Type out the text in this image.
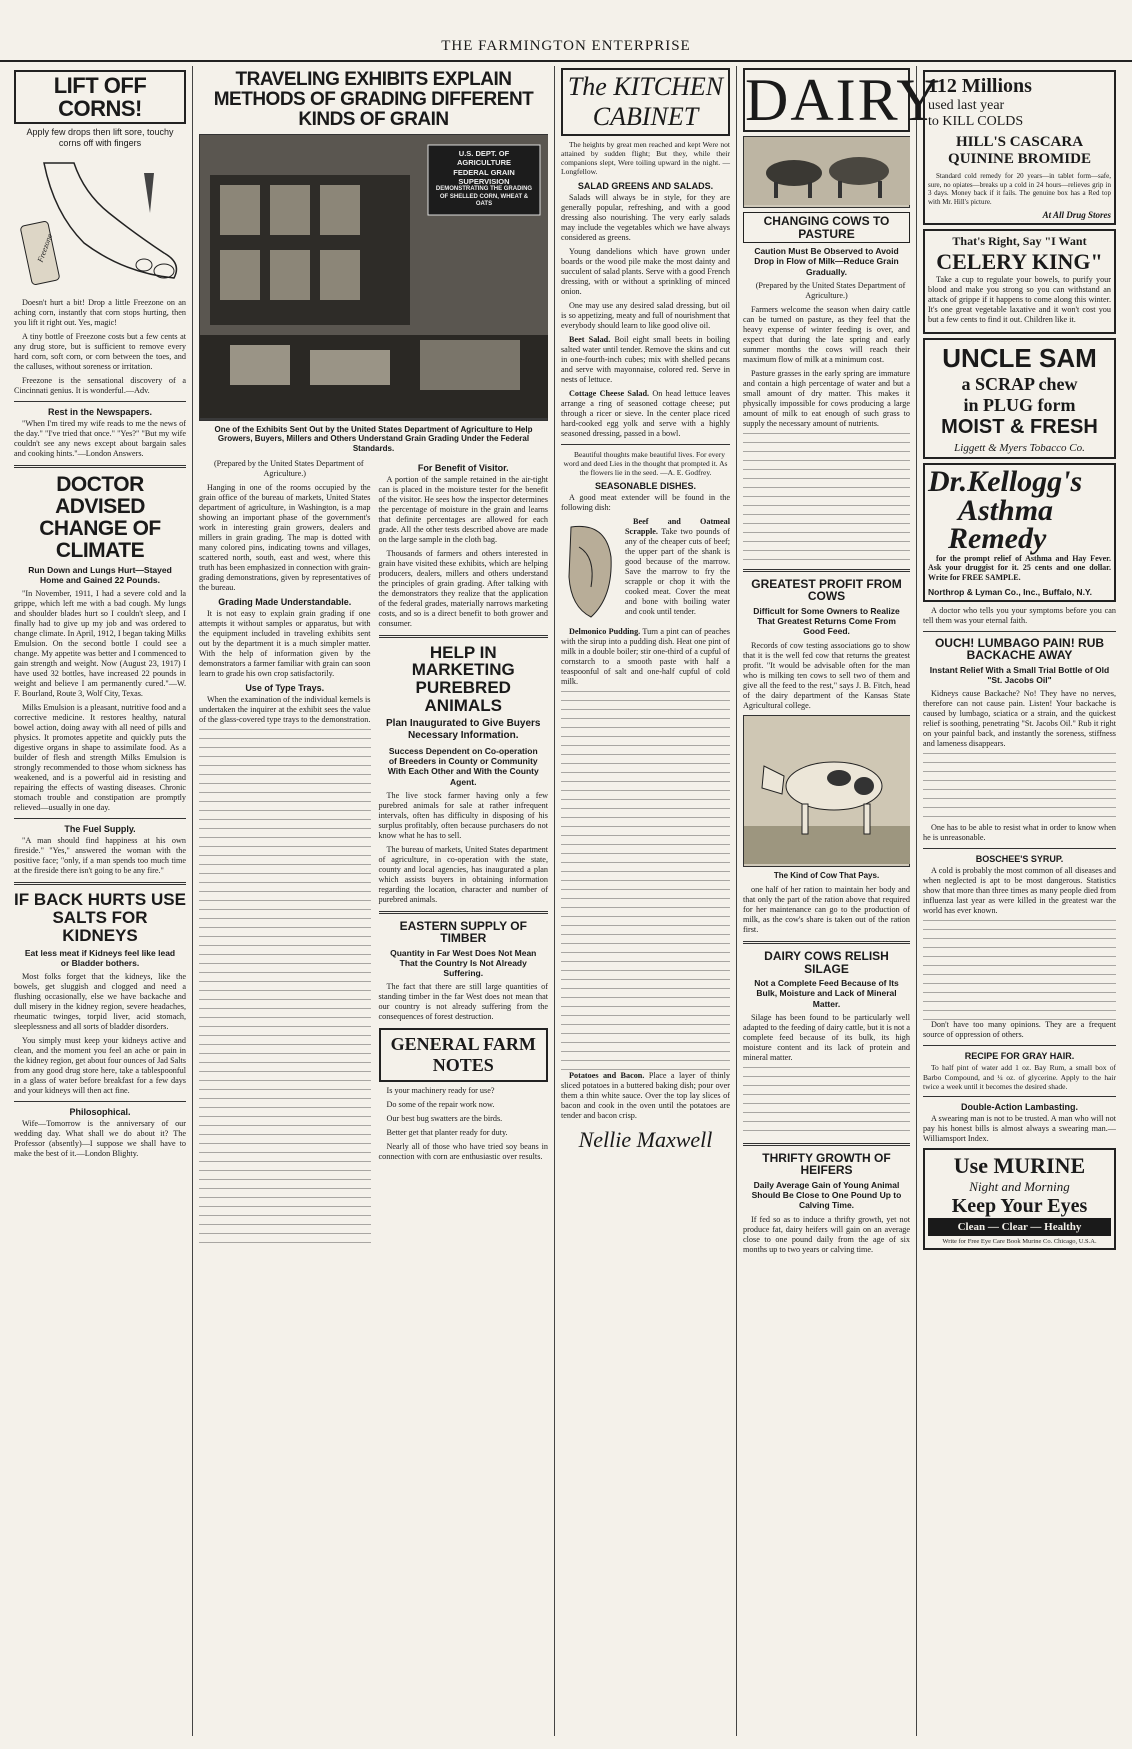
THE FARMINGTON ENTERPRISE
LIFT OFF CORNS!
Apply few drops then lift sore, touchy corns off with fingers
Freezone

Doesn't hurt a bit! Drop a little Freezone on an aching corn, instantly that corn stops hurting, then you lift it right out. Yes, magic!

A tiny bottle of Freezone costs but a few cents at any drug store, but is sufficient to remove every hard corn, soft corn, or corn between the toes, and the calluses, without soreness or irritation.

Freezone is the sensational discovery of a Cincinnati genius. It is wonderful.—Adv.

Rest in the Newspapers.

"When I'm tired my wife reads to me the news of the day." "I've tried that once." "Yes?" "But my wife couldn't see any news except about bargain sales and cooking hints."—London Answers.

DOCTOR ADVISED CHANGE OF CLIMATE
Run Down and Lungs Hurt—Stayed Home and Gained 22 Pounds.

"In November, 1911, I had a severe cold and la grippe, which left me with a bad cough. My lungs and shoulder blades hurt so I couldn't sleep, and I finally had to give up my job and was ordered to change climate. In April, 1912, I began taking Milks Emulsion. On the second bottle I could see a change. My appetite was better and I commenced to gain strength and weight. Now (August 23, 1917) I have used 32 bottles, have increased 22 pounds in weight and believe I am permanently cured."—W. F. Bourland, Route 3, Wolf City, Texas.

Milks Emulsion is a pleasant, nutritive food and a corrective medicine. It restores healthy, natural bowel action, doing away with all need of pills and physics. It promotes appetite and quickly puts the digestive organs in shape to assimilate food. As a builder of flesh and strength Milks Emulsion is strongly recommended to those whom sickness has weakened, and is a powerful aid in resisting and repairing the effects of wasting diseases. Chronic stomach trouble and constipation are promptly relieved—usually in one day.

The Fuel Supply.

"A man should find happiness at his own fireside." "Yes," answered the woman with the positive face; "only, if a man spends too much time at the fireside there isn't going to be any fire."

IF BACK HURTS USE SALTS FOR KIDNEYS
Eat less meat if Kidneys feel like lead or Bladder bothers.

Most folks forget that the kidneys, like the bowels, get sluggish and clogged and need a flushing occasionally, else we have backache and dull misery in the kidney region, severe headaches, rheumatic twinges, torpid liver, acid stomach, sleeplessness and all sorts of bladder disorders.

You simply must keep your kidneys active and clean, and the moment you feel an ache or pain in the kidney region, get about four ounces of Jad Salts from any good drug store here, take a tablespoonful in a glass of water before breakfast for a few days and your kidneys will then act fine.

Philosophical.

Wife—Tomorrow is the anniversary of our wedding day. What shall we do about it? The Professor (absently)—I suppose we shall have to make the best of it.—London Blighty.

TRAVELING EXHIBITS EXPLAIN METHODS OF GRADING DIFFERENT KINDS OF GRAIN
U.S. DEPT. OF AGRICULTURE
FEDERAL GRAIN SUPERVISION
DEMONSTRATING THE GRADING OF SHELLED CORN, WHEAT & OATS
One of the Exhibits Sent Out by the United States Department of Agriculture to Help Growers, Buyers, Millers and Others Understand Grain Grading Under the Federal Standards.

(Prepared by the United States Department of Agriculture.)

Hanging in one of the rooms occupied by the grain office of the bureau of markets, United States department of agriculture, in Washington, is a map showing an important phase of the government's work in interesting grain growers, dealers and millers in grain grading. The map is dotted with many colored pins, indicating towns and villages, scattered north, south, east and west, where this truth has been emphasized in connection with grain-grading demonstrations, given by representatives of the bureau.

Grading Made Understandable.

It is not easy to explain grain grading if one attempts it without samples or apparatus, but with the equipment included in traveling exhibits sent out by the department it is a much simpler matter. With the help of information given by the demonstrators a farmer familiar with grain can soon learn to grade his own crop satisfactorily.

Use of Type Trays.

When the examination of the individual kernels is undertaken the inquirer at the exhibit sees the value of the glass-covered type trays to the demonstration.

For Benefit of Visitor.

A portion of the sample retained in the air-tight can is placed in the moisture tester for the benefit of the visitor. He sees how the inspector determines the percentage of moisture in the grain and learns that definite percentages are allowed for each grade. All the other tests described above are made on the large sample in the cloth bag.

Thousands of farmers and others interested in grain have visited these exhibits, which are helping producers, dealers, millers and others understand the principles of grain grading. After talking with the demonstrators they realize that the application of the federal grades, materially narrows marketing costs, and so is a direct benefit to both grower and consumer.

HELP IN MARKETING PUREBRED ANIMALS
Plan Inaugurated to Give Buyers Necessary Information.
Success Dependent on Co-operation of Breeders in County or Community With Each Other and With the County Agent.

The live stock farmer having only a few purebred animals for sale at rather infrequent intervals, often has difficulty in disposing of his surplus profitably, often because purchasers do not know what he has to sell.

The bureau of markets, United States department of agriculture, in co-operation with the state, county and local agencies, has inaugurated a plan which assists buyers in obtaining information regarding the location, character and number of purebred animals.

EASTERN SUPPLY OF TIMBER
Quantity in Far West Does Not Mean That the Country Is Not Already Suffering.

The fact that there are still large quantities of standing timber in the far West does not mean that our country is not already suffering from the consequences of forest destruction.

GENERAL FARM NOTES

Is your machinery ready for use?

Do some of the repair work now.

Our best bug swatters are the birds.

Better get that planter ready for duty.

Nearly all of those who have tried soy beans in connection with corn are enthusiastic over results.

The KITCHEN CABINET

The heights by great men reached and kept Were not attained by sudden flight; But they, while their companions slept, Were toiling upward in the night. —Longfellow.

SALAD GREENS AND SALADS.

Salads will always be in style, for they are generally popular, refreshing, and with a good dressing also nourishing. The very early salads may include the vegetables which we have always considered as greens.

Young dandelions which have grown under boards or the wood pile make the most dainty and succulent of salad plants. Serve with a good French dressing, with or without a sprinkling of minced onion.

One may use any desired salad dressing, but oil is so appetizing, meaty and full of nourishment that everybody should learn to like good olive oil.

Beet Salad. Boil eight small beets in boiling salted water until tender. Remove the skins and cut in one-fourth-inch cubes; mix with shelled pecans and serve with mayonnaise, colored red. Serve in nests of lettuce.

Cottage Cheese Salad. On head lettuce leaves arrange a ring of seasoned cottage cheese; put through a ricer or sieve. In the center place riced hard-cooked egg yolk and serve with a highly seasoned dressing, passed in a bowl.

Beautiful thoughts make beautiful lives. For every word and deed Lies in the thought that prompted it. As the flowers lie in the seed. —A. E. Godfrey.

SEASONABLE DISHES.

A good meat extender will be found in the following dish:

Beef and Oatmeal Scrapple. Take two pounds of any of the cheaper cuts of beef; the upper part of the shank is good because of the marrow. Save the marrow to fry the scrapple or chop it with the cooked meat. Cover the meat and bone with boiling water and cook until tender.

Delmonico Pudding. Turn a pint can of peaches with the sirup into a pudding dish. Heat one pint of milk in a double boiler; stir one-third of a cupful of cornstarch to a smooth paste with half a teaspoonful of salt and one-half cupful of cold milk.

Potatoes and Bacon. Place a layer of thinly sliced potatoes in a buttered baking dish; pour over them a thin white sauce. Over the top lay slices of bacon and cook in the oven until the potatoes are tender and bacon crisp.

Nellie Maxwell
DAIRY
CHANGING COWS TO PASTURE
Caution Must Be Observed to Avoid Drop in Flow of Milk—Reduce Grain Gradually.

(Prepared by the United States Department of Agriculture.)

Farmers welcome the season when dairy cattle can be turned on pasture, as they feel that the heavy expense of winter feeding is over, and expect that during the late spring and early summer months the cows will reach their maximum flow of milk at a minimum cost.

Pasture grasses in the early spring are immature and contain a high percentage of water and but a small amount of dry matter. This makes it physically impossible for cows producing a large amount of milk to eat enough of such grass to supply the necessary amount of nutrients.

GREATEST PROFIT FROM COWS
Difficult for Some Owners to Realize That Greatest Returns Come From Good Feed.

Records of cow testing associations go to show that it is the well fed cow that returns the greatest profit. "It would be advisable often for the man who is milking ten cows to sell two of them and give all the feed to the rest," says J. B. Fitch, head of the dairy department of the Kansas State Agricultural college.

The Kind of Cow That Pays.

one half of her ration to maintain her body and that only the part of the ration above that required for her maintenance can go to the production of milk, as the cow's share is taken out of the ration first.

DAIRY COWS RELISH SILAGE
Not a Complete Feed Because of Its Bulk, Moisture and Lack of Mineral Matter.

Silage has been found to be particularly well adapted to the feeding of dairy cattle, but it is not a complete feed because of its bulk, its high moisture content and its lack of protein and mineral matter.

THRIFTY GROWTH OF HEIFERS
Daily Average Gain of Young Animal Should Be Close to One Pound Up to Calving Time.

If fed so as to induce a thrifty growth, yet not produce fat, dairy heifers will gain on an average close to one pound daily from the age of six months up to two years or calving time.

112 Millions
used last year
to KILL COLDS
HILL'S CASCARA QUININE BROMIDE

Standard cold remedy for 20 years—in tablet form—safe, sure, no opiates—breaks up a cold in 24 hours—relieves grip in 3 days. Money back if it fails. The genuine box has a Red top with Mr. Hill's picture.

At All Drug Stores
That's Right, Say "I Want
CELERY KING"

Take a cup to regulate your bowels, to purify your blood and make you strong so you can withstand an attack of grippe if it happens to come along this winter. It's one great vegetable laxative and it won't cost you but a few cents to find it out. Children like it.

UNCLE SAM
a SCRAP chew
in PLUG form
MOIST & FRESH
Liggett & Myers Tobacco Co.
Dr.Kellogg's
Asthma
Remedy

for the prompt relief of Asthma and Hay Fever. Ask your druggist for it. 25 cents and one dollar. Write for FREE SAMPLE.

Northrop & Lyman Co., Inc., Buffalo, N.Y.

A doctor who tells you your symptoms before you can tell them was your eternal faith.

OUCH! LUMBAGO PAIN! RUB BACKACHE AWAY
Instant Relief With a Small Trial Bottle of Old "St. Jacobs Oil"

Kidneys cause Backache? No! They have no nerves, therefore can not cause pain. Listen! Your backache is caused by lumbago, sciatica or a strain, and the quickest relief is soothing, penetrating "St. Jacobs Oil." Rub it right on your painful back, and instantly the soreness, stiffness and lameness disappears.

One has to be able to resist what in order to know when he is unreasonable.

BOSCHEE'S SYRUP.

A cold is probably the most common of all diseases and when neglected is apt to be most dangerous. Statistics show that more than three times as many people died from influenza last year as were killed in the greatest war the world has ever known.

Don't have too many opinions. They are a frequent source of oppression of others.

RECIPE FOR GRAY HAIR.

To half pint of water add 1 oz. Bay Rum, a small box of Barbo Compound, and ¼ oz. of glycerine. Apply to the hair twice a week until it becomes the desired shade.

Double-Action Lambasting.

A swearing man is not to be trusted. A man who will not pay his honest bills is almost always a swearing man.—Williamsport Index.

Use MURINE
Night and Morning
Keep Your Eyes
Clean — Clear — Healthy
Write for Free Eye Care Book Murine Co. Chicago, U.S.A.
